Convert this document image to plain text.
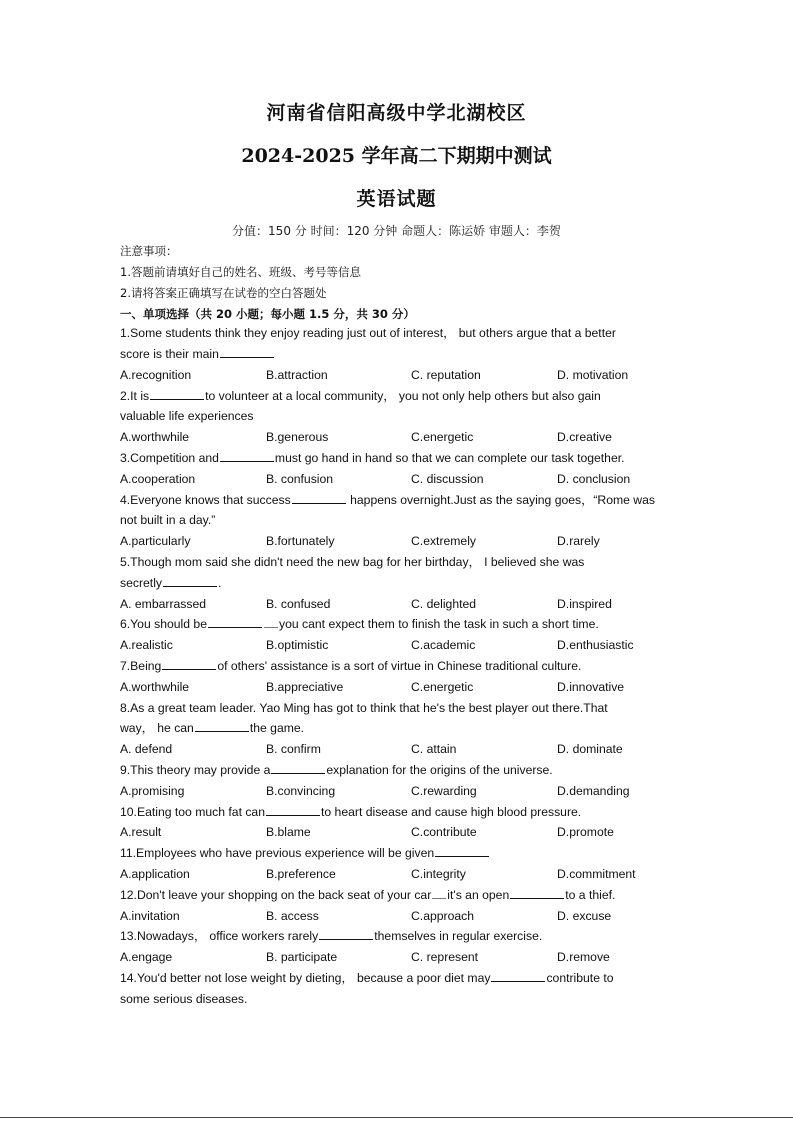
河南省信阳高级中学北湖校区
2024-2025 学年高二下期期中测试
英语试题
分值：150 分 时间：120 分钟 命题人：陈运娇 审题人：李贺
注意事项：
1.答题前请填好自己的姓名、班级、考号等信息
2.请将答案正确填写在试卷的空白答题处
一、单项选择（共 20 小题；每小题 1.5 分，共 30 分）
1.Some students think they enjoy reading just out of interest， but others argue that a better
score is their main
A.recognition	B.attraction	C. reputation	D. motivation
2.It is	to volunteer at a local community， you not only help others but also gain
valuable life experiences
A.worthwhile	B.generous	C.energetic	D.creative
3.Competition and	must go hand in hand so that we can complete our task together.
A.cooperation	B. confusion	C. discussion	D. conclusion
4.Everyone knows that success	happens overnight.Just as the saying goes，“Rome was
not built in a day.”
A.particularly	B.fortunately	C.extremely	D.rarely
5.Though mom said she didn't need the new bag for her birthday， I believed she was
secretly	.
A. embarrassed	B. confused	C. delighted	D.inspired
6.You should be	you cant expect them to finish the task in such a short time.
A.realistic	B.optimistic	C.academic	D.enthusiastic
7.Being	of others' assistance is a sort of virtue in Chinese traditional culture.
A.worthwhile	B.appreciative	C.energetic	D.innovative
8.As a great team leader. Yao Ming has got to think that he's the best player out there.That
way， he can	the game.
A. defend	B. confirm	C. attain	D. dominate
9.This theory may provide a	explanation for the origins of the universe.
A.promising	B.convincing	C.rewarding	D.demanding
10.Eating too much fat can	to heart disease and cause high blood pressure.
A.result	B.blame	C.contribute	D.promote
11.Employees who have previous experience will be given
A.application	B.preference	C.integrity	D.commitment
12.Don't leave your shopping on the back seat of your car it's an open	to a thief.
A.invitation	B. access	C.approach	D. excuse
13.Nowadays， office workers rarely	themselves in regular exercise.
A.engage	B. participate	C. represent	D.remove
14.You'd better not lose weight by dieting， because a poor diet may	contribute to
some serious diseases.
